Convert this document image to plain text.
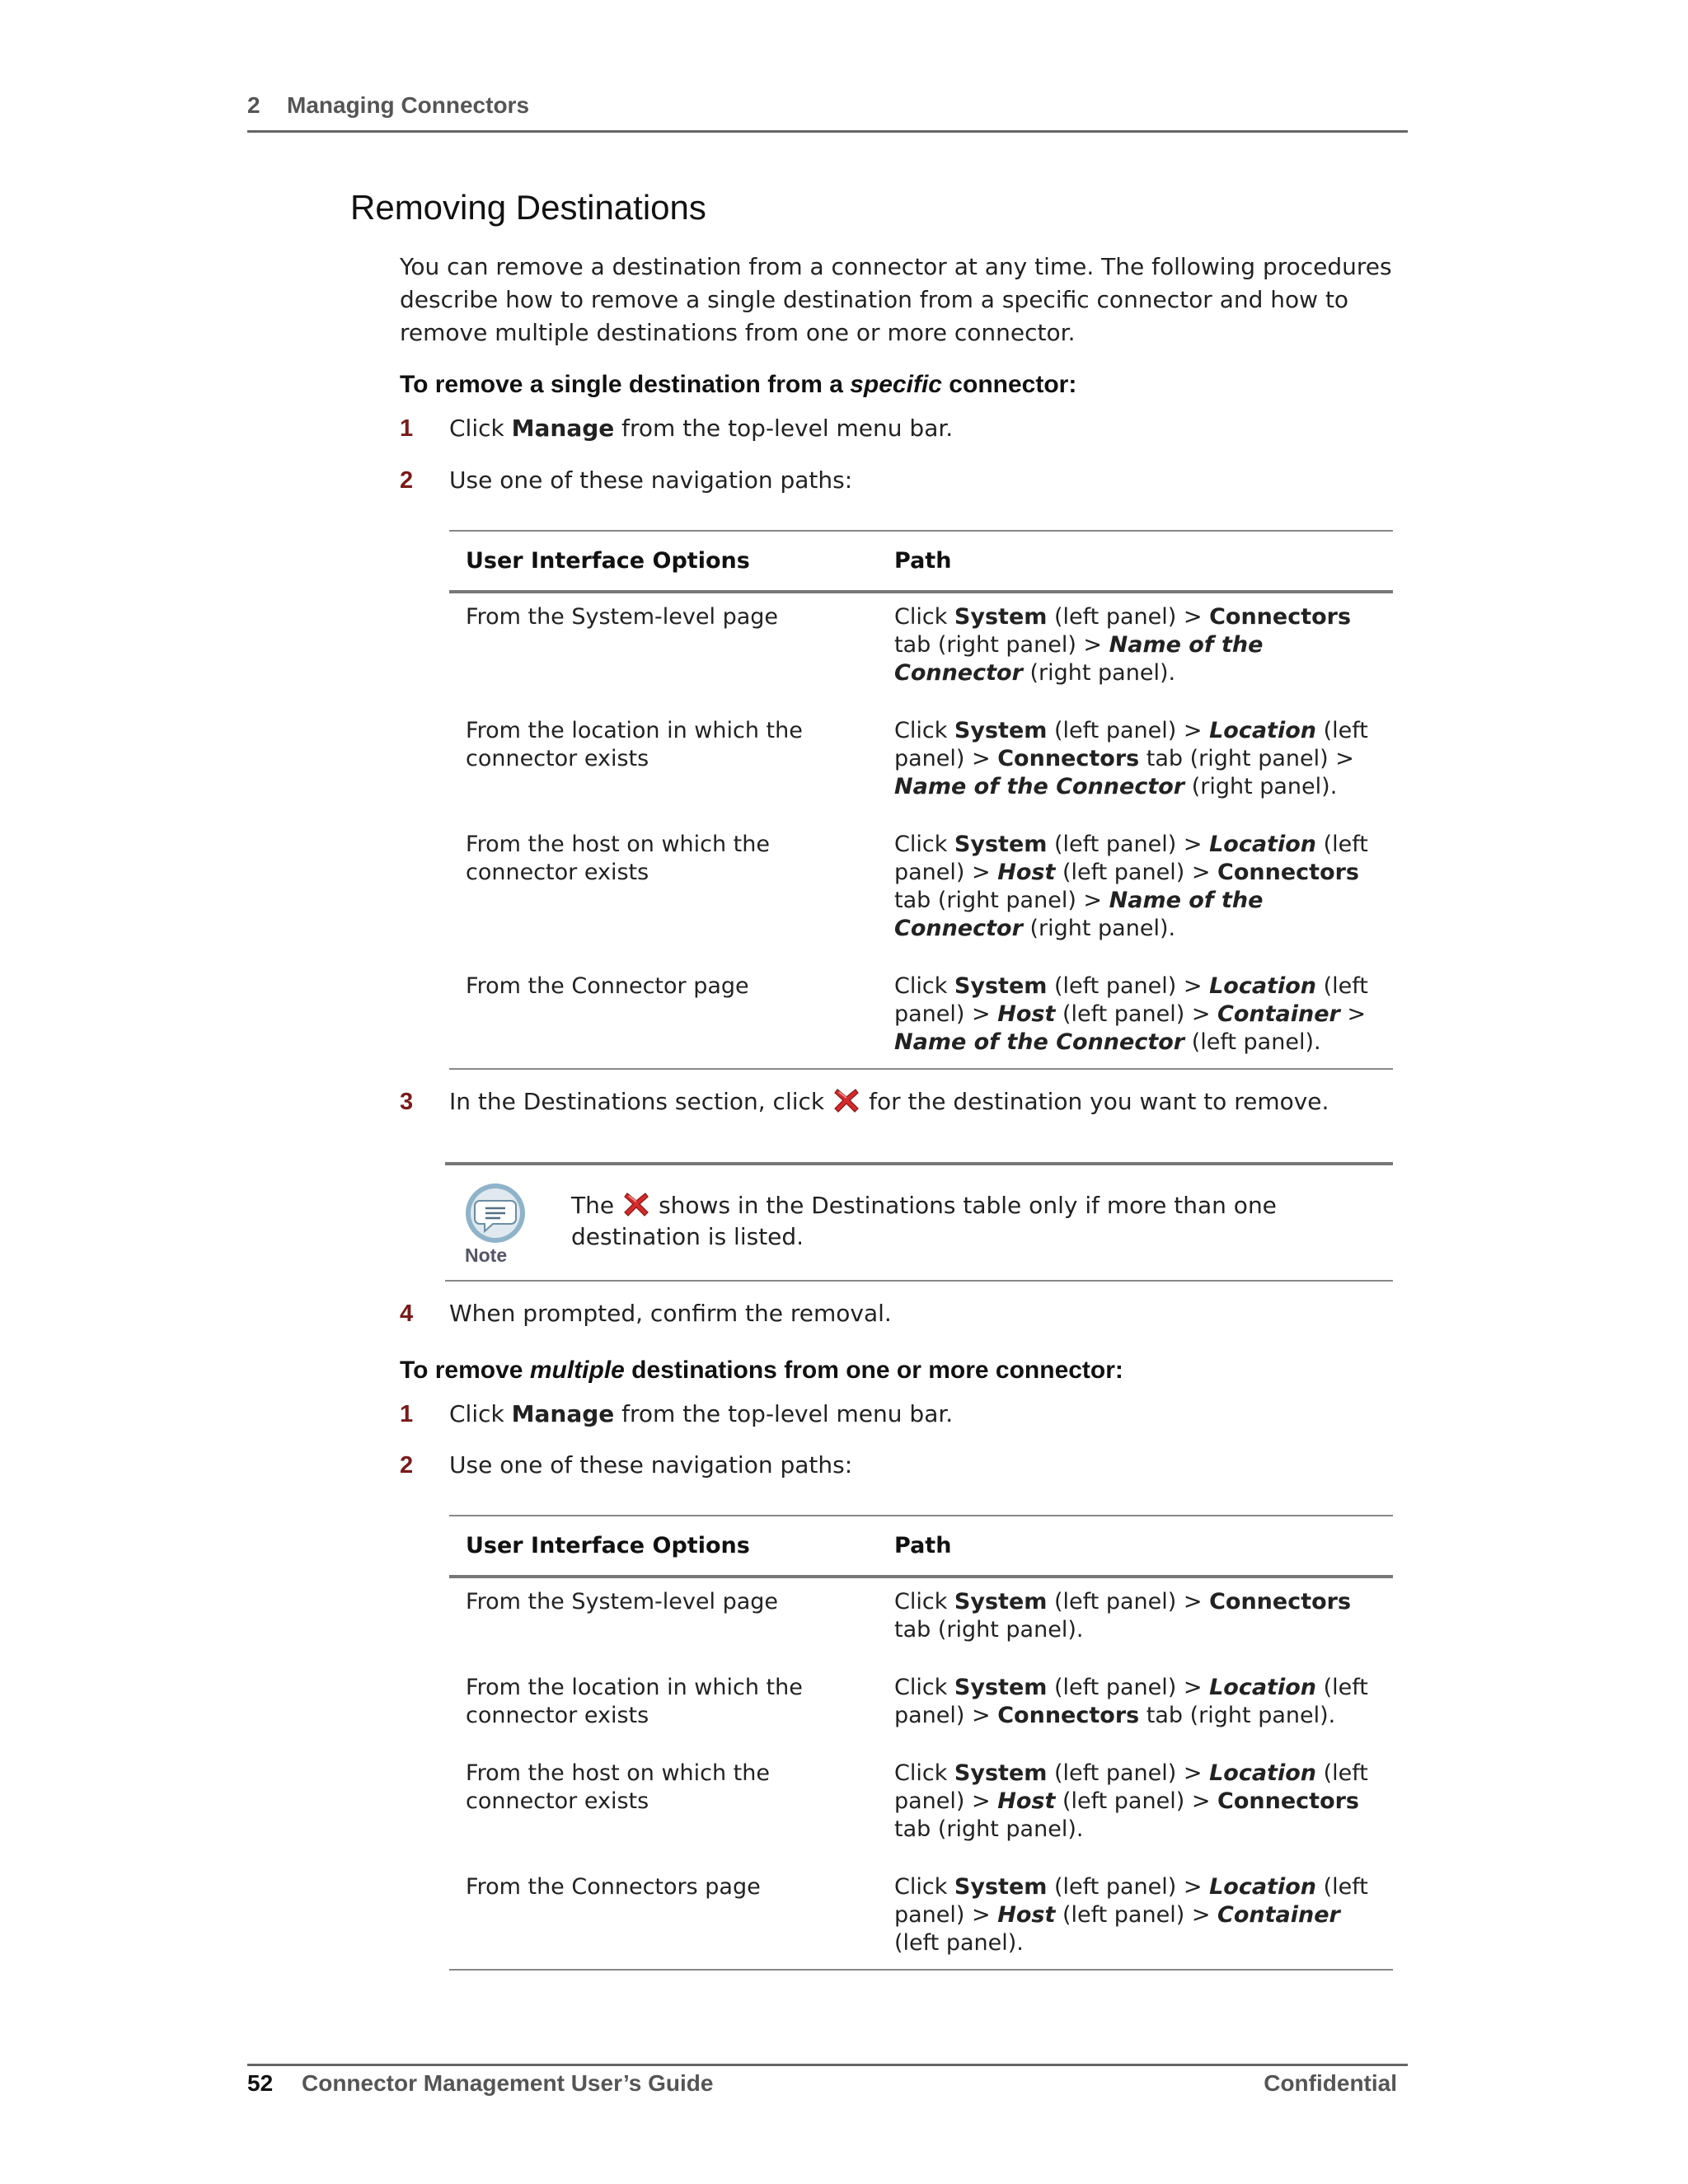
2 Managing Connectors
Removing Destinations

You can remove a destination from a connector at any time. The following procedures describe how to remove a single destination from a specific connector and how to remove multiple destinations from one or more connector.

To remove a single destination from a specific connector:

1 Click Manage from the top-level menu bar.
2 Use one of these navigation paths:
User Interface Options	Path
From the System-level page	Click System (left panel) > Connectors tab (right panel) > Name of the Connector (right panel).
From the location in which the connector exists	Click System (left panel) > Location (left panel) > Connectors tab (right panel) > Name of the Connector (right panel).
From the host on which the connector exists	Click System (left panel) > Location (left panel) > Host (left panel) > Connectors tab (right panel) > Name of the Connector (right panel).
From the Connector page	Click System (left panel) > Location (left panel) > Host (left panel) > Container > Name of the Connector (left panel).
3 In the Destinations section, click for the destination you want to remove.
Note

The shows in the Destinations table only if more than one destination is listed.

4 When prompted, confirm the removal.

To remove multiple destinations from one or more connector:

1 Click Manage from the top-level menu bar.
2 Use one of these navigation paths:
User Interface Options	Path
From the System-level page	Click System (left panel) > Connectors tab (right panel).
From the location in which the connector exists	Click System (left panel) > Location (left panel) > Connectors tab (right panel).
From the host on which the connector exists	Click System (left panel) > Location (left panel) > Host (left panel) > Connectors tab (right panel).
From the Connectors page	Click System (left panel) > Location (left panel) > Host (left panel) > Container (left panel).
52 Connector Management User’s Guide	Confidential
